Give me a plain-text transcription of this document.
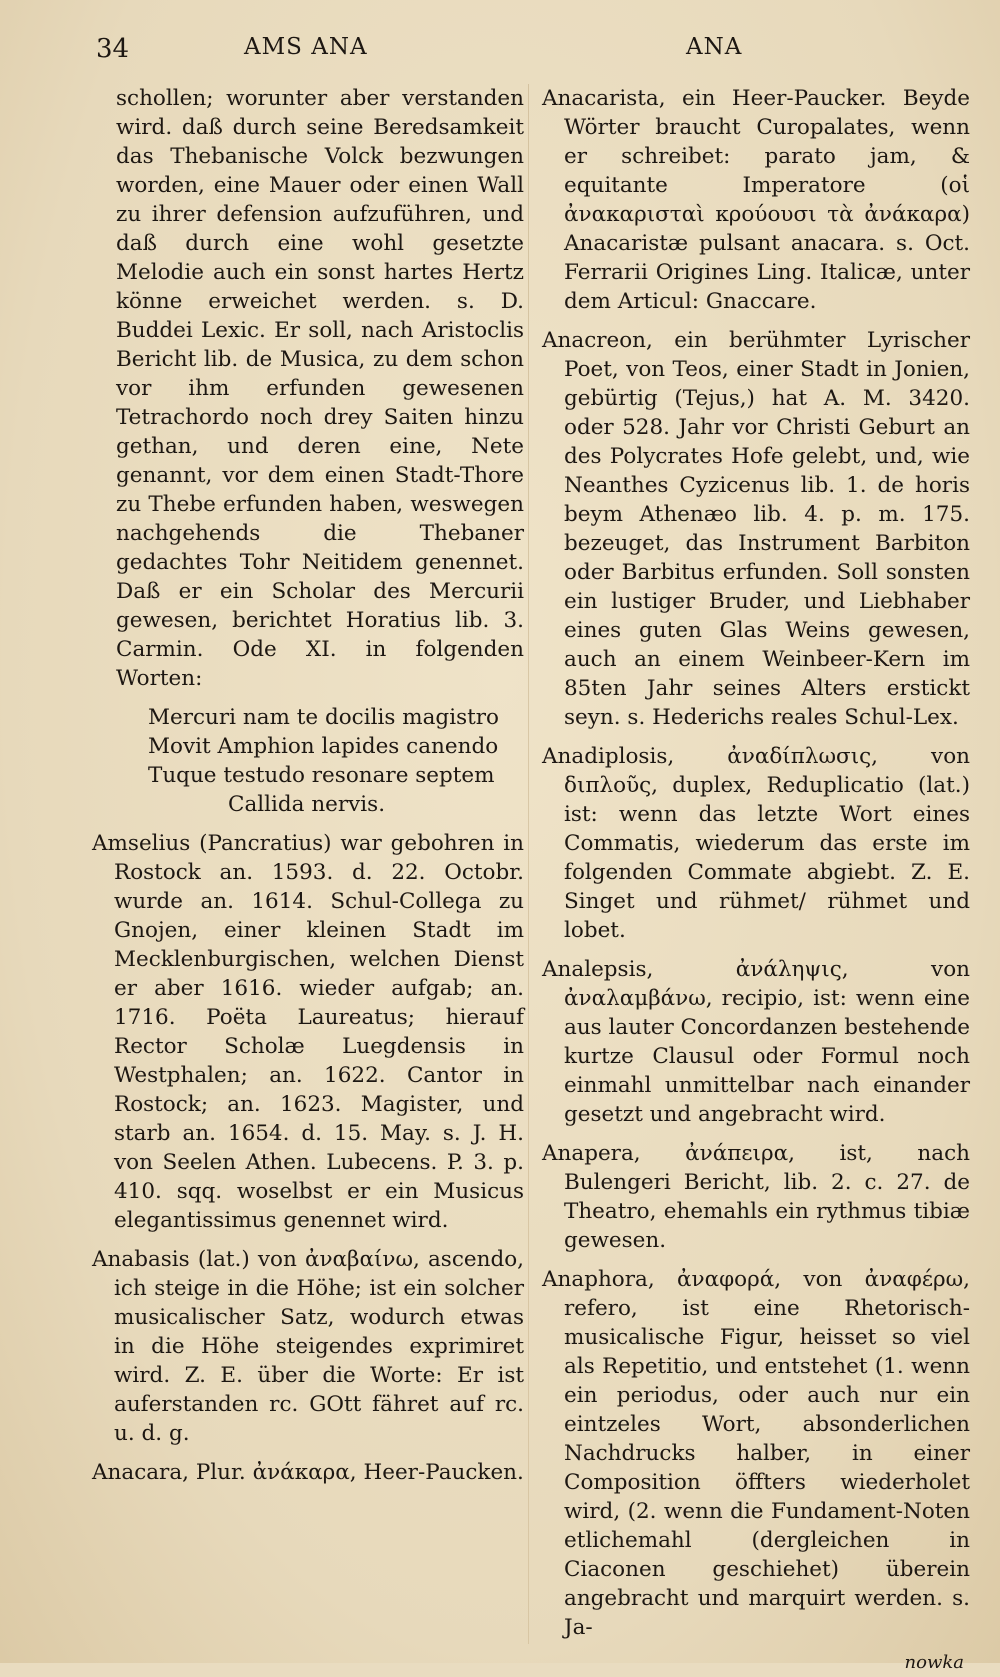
34	AMS ANA	ANA

schollen; worunter aber verstanden wird. daß durch seine Beredsamkeit das Thebanische Volck bezwungen worden, eine Mauer oder einen Wall zu ihrer defension aufzuführen, und daß durch eine wohl gesetzte Melodie auch ein sonst hartes Hertz könne erweichet werden. s. D. Buddei Lexic. Er soll, nach Aristoclis Bericht lib. de Musica, zu dem schon vor ihm erfunden gewesenen Tetrachordo noch drey Saiten hinzu gethan, und deren eine, Nete genannt, vor dem einen Stadt-Thore zu Thebe erfunden haben, weswegen nachgehends die Thebaner gedachtes Tohr Neitidem genennet. Daß er ein Scholar des Mercurii gewesen, berichtet Horatius lib. 3. Carmin. Ode XI. in folgenden Worten:

Mercuri nam te docilis magistro
Movit Amphion lapides canendo
Tuque testudo resonare septem
Callida nervis.

Amselius (Pancratius) war gebohren in Rostock an. 1593. d. 22. Octobr. wurde an. 1614. Schul-Collega zu Gnojen, einer kleinen Stadt im Mecklenburgischen, welchen Dienst er aber 1616. wieder aufgab; an. 1716. Poëta Laureatus; hierauf Rector Scholæ Luegdensis in Westphalen; an. 1622. Cantor in Rostock; an. 1623. Magister, und starb an. 1654. d. 15. May. s. J. H. von Seelen Athen. Lubecens. P. 3. p. 410. sqq. woselbst er ein Musicus elegantissimus genennet wird.

Anabasis (lat.) von ἀναβαίνω, ascendo, ich steige in die Höhe; ist ein solcher musicalischer Satz, wodurch etwas in die Höhe steigendes exprimiret wird. Z. E. über die Worte: Er ist auferstanden rc. GOtt fähret auf rc. u. d. g.

Anacara, Plur. ἀνάκαρα, Heer-Paucken.

Anacarista, ein Heer-Paucker. Beyde Wörter braucht Curopalates, wenn er schreibet: parato jam, & equitante Imperatore (οἱ ἀνακαρισταὶ κρούουσι τὰ ἀνάκαρα) Anacaristæ pulsant anacara. s. Oct. Ferrarii Origines Ling. Italicæ, unter dem Articul: Gnaccare.

Anacreon, ein berühmter Lyrischer Poet, von Teos, einer Stadt in Jonien, gebürtig (Tejus,) hat A. M. 3420. oder 528. Jahr vor Christi Geburt an des Polycrates Hofe gelebt, und, wie Neanthes Cyzicenus lib. 1. de horis beym Athenæo lib. 4. p. m. 175. bezeuget, das Instrument Barbiton oder Barbitus erfunden. Soll sonsten ein lustiger Bruder, und Liebhaber eines guten Glas Weins gewesen, auch an einem Weinbeer-Kern im 85ten Jahr seines Alters erstickt seyn. s. Hederichs reales Schul-Lex.

Anadiplosis, ἀναδίπλωσις, von διπλοῦς, duplex, Reduplicatio (lat.) ist: wenn das letzte Wort eines Commatis, wiederum das erste im folgenden Commate abgiebt. Z. E. Singet und rühmet/ rühmet und lobet.

Analepsis, ἀνάληψις, von ἀναλαμβάνω, recipio, ist: wenn eine aus lauter Concordanzen bestehende kurtze Clausul oder Formul noch einmahl unmittelbar nach einander gesetzt und angebracht wird.

Anapera, ἀνάπειρα, ist, nach Bulengeri Bericht, lib. 2. c. 27. de Theatro, ehemahls ein rythmus tibiæ gewesen.

Anaphora, ἀναφορά, von ἀναφέρω, refero, ist eine Rhetorisch-musicalische Figur, heisset so viel als Repetitio, und entstehet (1. wenn ein periodus, oder auch nur ein eintzeles Wort, absonderlichen Nachdrucks halber, in einer Composition öffters wiederholet wird, (2. wenn die Fundament-Noten etlichemahl (dergleichen in Ciaconen geschiehet) überein angebracht und marquirt werden. s. Ja-

nowka
